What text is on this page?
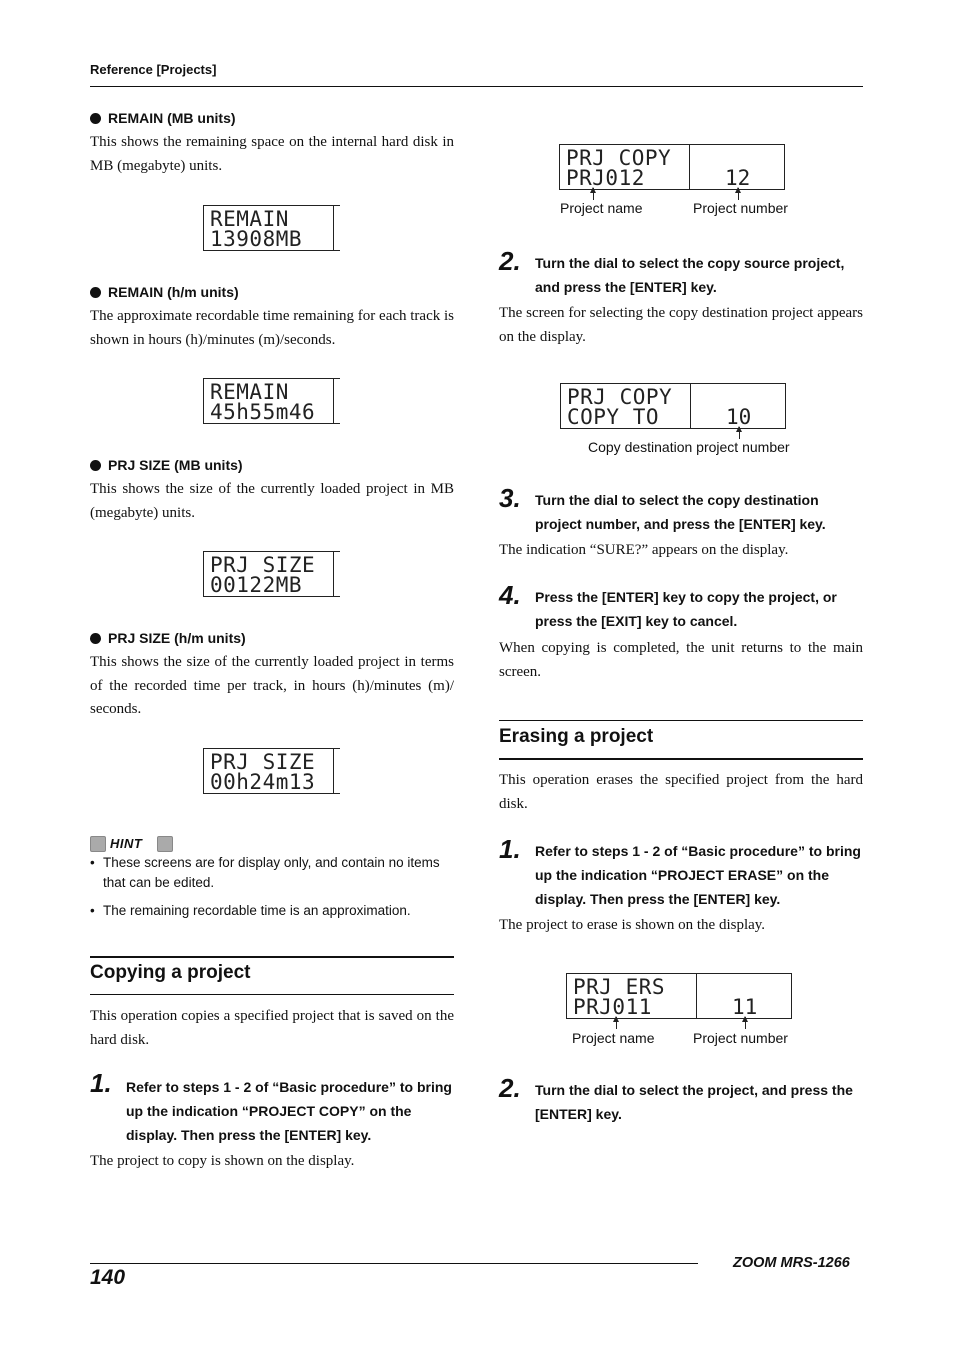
Reference [Projects]
REMAIN (MB units)
This shows the remaining space on the internal hard disk in MB (megabyte) units.
REMAIN
13908MB
REMAIN (h/m units)
The approximate recordable time remaining for each track is shown in hours (h)/minutes (m)/seconds.
REMAIN
45h55m46
PRJ SIZE (MB units)
This shows the size of the currently loaded project in MB (megabyte) units.
PRJ SIZE
00122MB
PRJ SIZE (h/m units)
This shows the size of the currently loaded project in terms of the recorded time per track, in hours (h)/minutes (m)/ seconds.
PRJ SIZE
00h24m13
HINT
• These screens are for display only, and contain no items that can be edited.
• The remaining recordable time is an approximation.
Copying a project
This operation copies a specified project that is saved on the hard disk.
1. Refer to steps 1 - 2 of “Basic procedure” to bring up the indication “PROJECT COPY” on the display. Then press the [ENTER] key.
The project to copy is shown on the display.
PRJ COPY
PRJ012	12
Project name	Project number
2. Turn the dial to select the copy source project, and press the [ENTER] key.
The screen for selecting the copy destination project appears on the display.
PRJ COPY
COPY TO	10
Copy destination project number
3. Turn the dial to select the copy destination project number, and press the [ENTER] key.
The indication “SURE?” appears on the display.
4. Press the [ENTER] key to copy the project, or press the [EXIT] key to cancel.
When copying is completed, the unit returns to the main screen.
Erasing a project
This operation erases the specified project from the hard disk.
1. Refer to steps 1 - 2 of “Basic procedure” to bring up the indication “PROJECT ERASE” on the display. Then press the [ENTER] key.
The project to erase is shown on the display.
PRJ ERS
PRJ011	11
Project name	Project number
2. Turn the dial to select the project, and press the [ENTER] key.
140
ZOOM MRS-1266
